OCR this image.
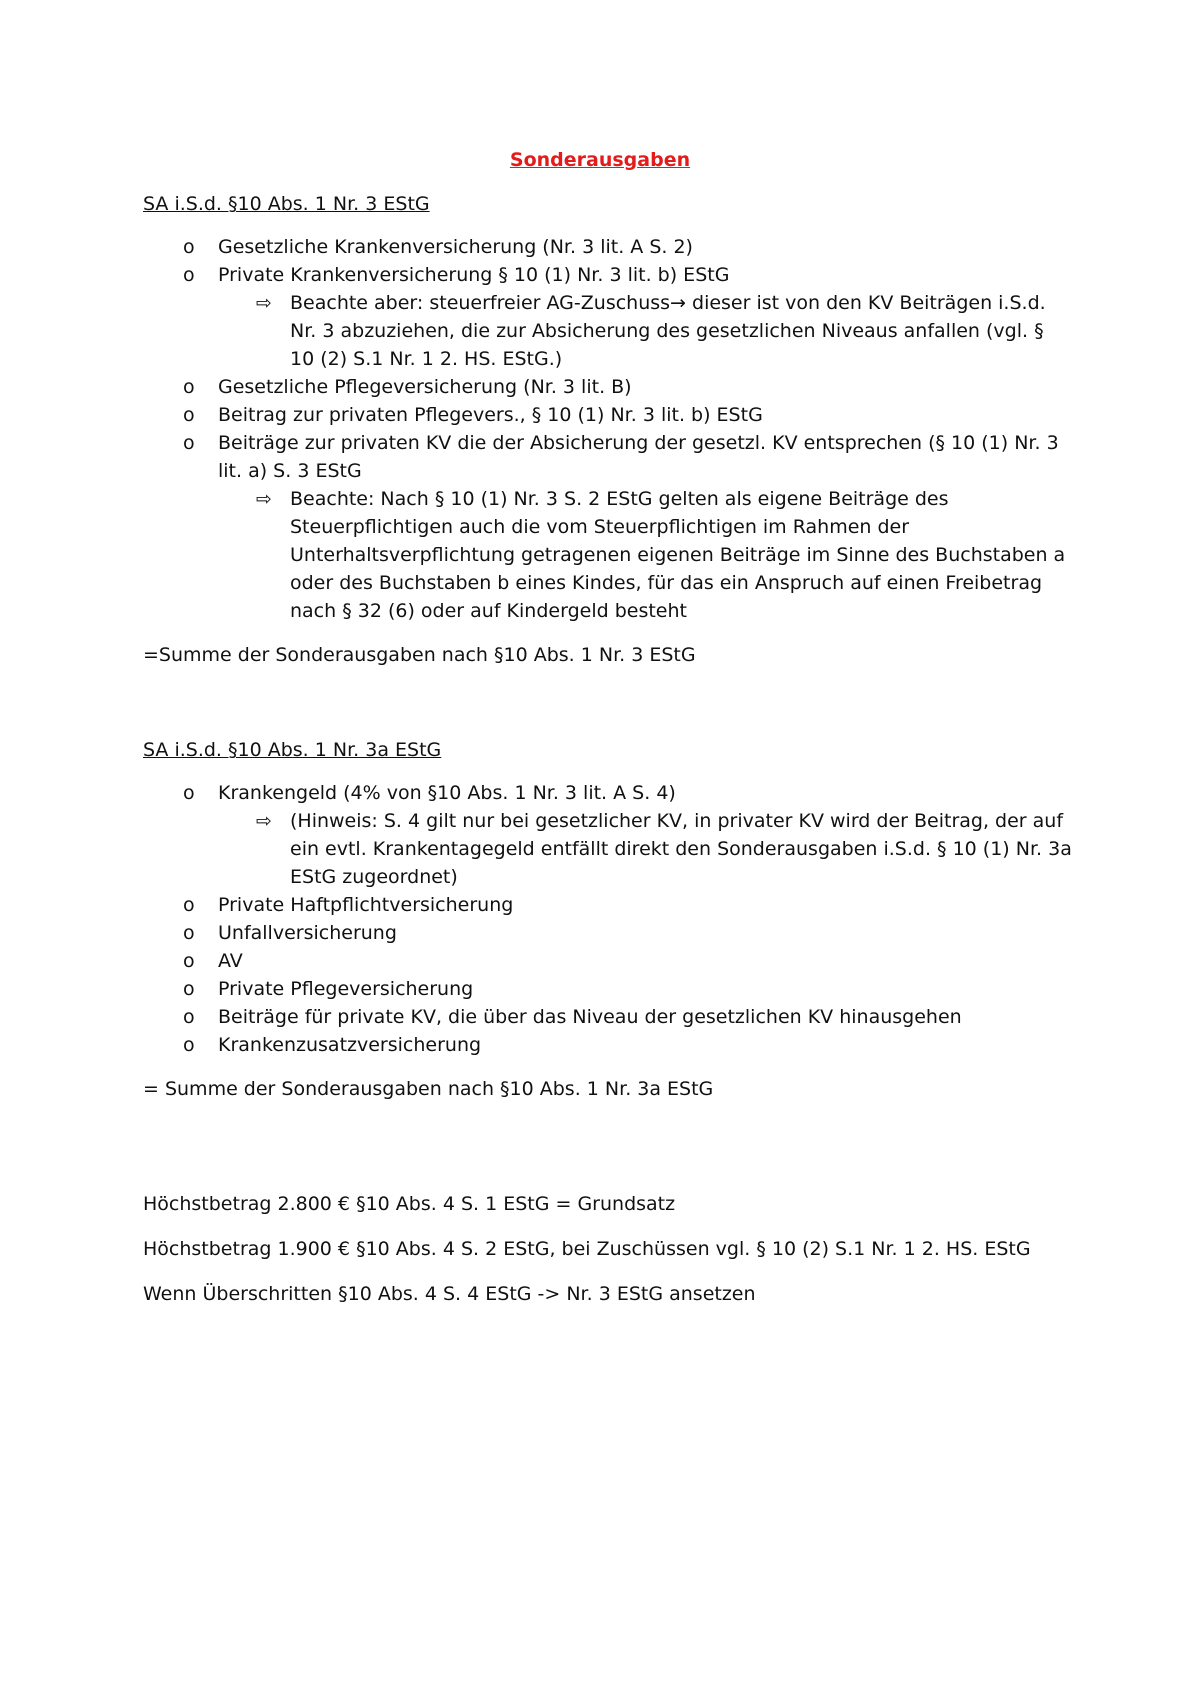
Sonderausgaben

SA i.S.d. §10 Abs. 1 Nr. 3 EStG

o Gesetzliche Krankenversicherung (Nr. 3 lit. A S. 2)
o Private Krankenversicherung § 10 (1) Nr. 3 lit. b) EStG
⇨ Beachte aber: steuerfreier AG-Zuschuss→ dieser ist von den KV Beiträgen i.S.d. Nr. 3 abzuziehen, die zur Absicherung des gesetzlichen Niveaus anfallen (vgl. § 10 (2) S.1 Nr. 1 2. HS. EStG.)
o Gesetzliche Pflegeversicherung (Nr. 3 lit. B)
o Beitrag zur privaten Pflegevers., § 10 (1) Nr. 3 lit. b) EStG
o Beiträge zur privaten KV die der Absicherung der gesetzl. KV entsprechen (§ 10 (1) Nr. 3 lit. a) S. 3 EStG
⇨ Beachte: Nach § 10 (1) Nr. 3 S. 2 EStG gelten als eigene Beiträge des Steuerpflichtigen auch die vom Steuerpflichtigen im Rahmen der Unterhaltsverpflichtung getragenen eigenen Beiträge im Sinne des Buchstaben a oder des Buchstaben b eines Kindes, für das ein Anspruch auf einen Freibetrag nach § 32 (6) oder auf Kindergeld besteht

=Summe der Sonderausgaben nach §10 Abs. 1 Nr. 3 EStG

SA i.S.d. §10 Abs. 1 Nr. 3a EStG

o Krankengeld (4% von §10 Abs. 1 Nr. 3 lit. A S. 4)
⇨ (Hinweis: S. 4 gilt nur bei gesetzlicher KV, in privater KV wird der Beitrag, der auf ein evtl. Krankentagegeld entfällt direkt den Sonderausgaben i.S.d. § 10 (1) Nr. 3a EStG zugeordnet)
o Private Haftpflichtversicherung
o Unfallversicherung
o AV
o Private Pflegeversicherung
o Beiträge für private KV, die über das Niveau der gesetzlichen KV hinausgehen
o Krankenzusatzversicherung

= Summe der Sonderausgaben nach §10 Abs. 1 Nr. 3a EStG

Höchstbetrag 2.800 € §10 Abs. 4 S. 1 EStG = Grundsatz

Höchstbetrag 1.900 € §10 Abs. 4 S. 2 EStG, bei Zuschüssen vgl. § 10 (2) S.1 Nr. 1 2. HS. EStG

Wenn Überschritten §10 Abs. 4 S. 4 EStG -> Nr. 3 EStG ansetzen
